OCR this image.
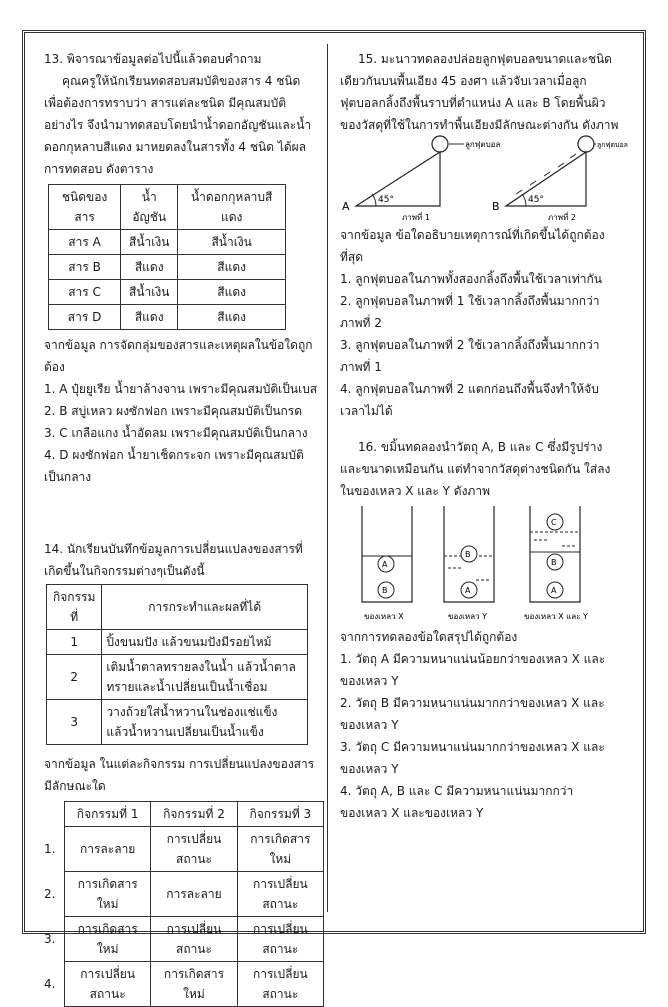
13. พิจารณาข้อมูลต่อไปนี้แล้วตอบคำถาม

คุณครูให้นักเรียนทดสอบสมบัติของสาร 4 ชนิด เพื่อต้องการทราบว่า สารแต่ละชนิด มีคุณสมบัติอย่างไร จึงนำมาทดสอบโดยนำน้ำดอกอัญชันและน้ำดอกกุหลาบสีแดง มาหยดลงในสารทั้ง 4 ชนิด ได้ผลการทดสอบ ดังตาราง

ชนิดของสาร	น้ำอัญชัน	น้ำดอกกุหลาบสีแดง
สาร A	สีน้ำเงิน	สีน้ำเงิน
สาร B	สีแดง	สีแดง
สาร C	สีน้ำเงิน	สีแดง
สาร D	สีแดง	สีแดง

จากข้อมูล การจัดกลุ่มของสารและเหตุผลในข้อใดถูกต้อง

1. A ปุ๋ยยูเรีย น้ำยาล้างจาน เพราะมีคุณสมบัติเป็นเบส

2. B สบู่เหลว ผงซักฟอก เพราะมีคุณสมบัติเป็นกรด

3. C เกลือแกง น้ำอัดลม เพราะมีคุณสมบัติเป็นกลาง

4. D ผงซักฟอก น้ำยาเช็ดกระจก เพราะมีคุณสมบัติเป็นกลาง

14. นักเรียนบันทึกข้อมูลการเปลี่ยนแปลงของสารที่เกิดขึ้นในกิจกรรมต่างๆเป็นดังนี้

กิจกรรมที่	การกระทำและผลที่ได้
1	ปิ้งขนมปัง แล้วขนมปังมีรอยไหม้
2	เติมน้ำตาลทรายลงในน้ำ แล้วน้ำตาลทรายและน้ำเปลี่ยนเป็นน้ำเชื่อม
3	วางถ้วยใส่น้ำหวานในช่องแช่แข็ง แล้วน้ำหวานเปลี่ยนเป็นน้ำแข็ง

จากข้อมูล ในแต่ละกิจกรรม การเปลี่ยนแปลงของสารมีลักษณะใด

	กิจกรรมที่ 1	กิจกรรมที่ 2	กิจกรรมที่ 3
1.	การละลาย	การเปลี่ยนสถานะ	การเกิดสารใหม่
2.	การเกิดสารใหม่	การละลาย	การเปลี่ยนสถานะ
3.	การเกิดสารใหม่	การเปลี่ยนสถานะ	การเปลี่ยนสถานะ
4.	การเปลี่ยนสถานะ	การเกิดสารใหม่	การเปลี่ยนสถานะ

15. มะนาวทดลองปล่อยลูกฟุตบอลขนาดและชนิดเดียวกันบนพื้นเอียง 45 องศา แล้วจับเวลาเมื่อลูกฟุตบอลกลิ้งถึงพื้นราบที่ตำแหน่ง A และ B โดยพื้นผิวของวัสดุที่ใช้ในการทำพื้นเอียงมีลักษณะต่างกัน ดังภาพ

ลูกฟุตบอล
45°
A
ภาพที่ 1
ลูกฟุตบอล
45°
B
ภาพที่ 2

จากข้อมูล ข้อใดอธิบายเหตุการณ์ที่เกิดขึ้นได้ถูกต้องที่สุด

1. ลูกฟุตบอลในภาพทั้งสองกลิ้งถึงพื้นใช้เวลาเท่ากัน

2. ลูกฟุตบอลในภาพที่ 1 ใช้เวลากลิ้งถึงพื้นมากกว่าภาพที่ 2

3. ลูกฟุตบอลในภาพที่ 2 ใช้เวลากลิ้งถึงพื้นมากกว่าภาพที่ 1

4. ลูกฟุตบอลในภาพที่ 2 แตกก่อนถึงพื้นจึงทำให้จับเวลาไม่ได้

16. ขมิ้นทดลองนำวัตถุ A, B และ C ซึ่งมีรูปร่างและขนาดเหมือนกัน แต่ทำจากวัสดุต่างชนิดกัน ใส่ลงในของเหลว X และ Y ดังภาพ

A
B
ของเหลว X
B
A
ของเหลว Y
C
B
A
ของเหลว X และ Y

จากการทดลองข้อใดสรุปได้ถูกต้อง

1. วัตถุ A มีความหนาแน่นน้อยกว่าของเหลว X และของเหลว Y

2. วัตถุ B มีความหนาแน่นมากกว่าของเหลว X และของเหลว Y

3. วัตถุ C มีความหนาแน่นมากกว่าของเหลว X และของเหลว Y

4. วัตถุ A, B และ C มีความหนาแน่นมากกว่าของเหลว X และของเหลว Y
